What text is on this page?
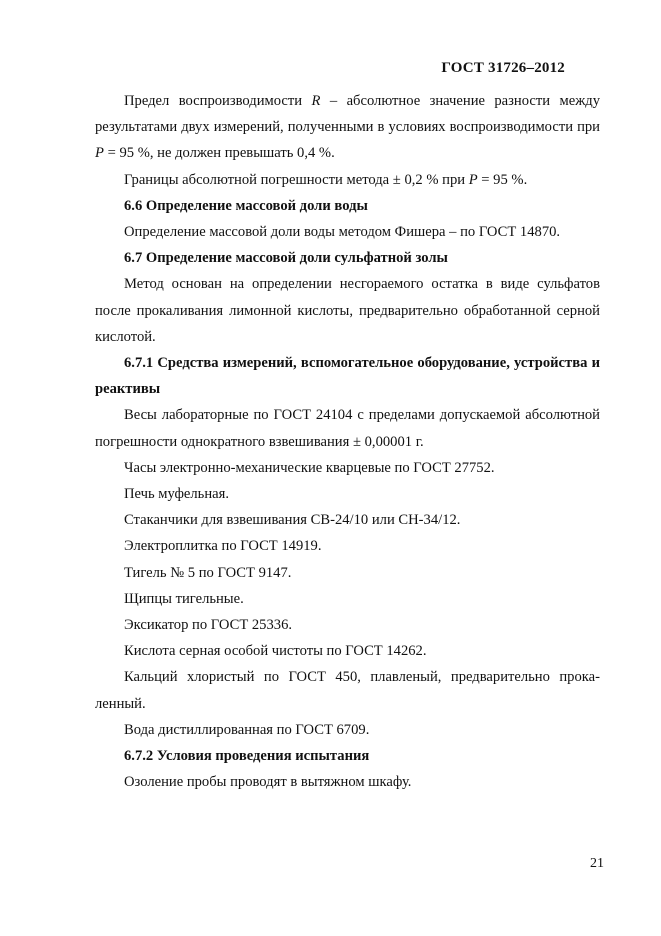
ГОСТ 31726–2012

Предел воспроизводимости R – абсолютное значение разности между результатами двух измерений, полученными в условиях воспроизводимости при P = 95 %, не должен превышать 0,4 %.

Границы абсолютной погрешности метода ± 0,2 % при P = 95 %.

6.6 Определение массовой доли воды

Определение массовой доли воды методом Фишера – по ГОСТ 14870.

6.7 Определение массовой доли сульфатной золы

Метод основан на определении несгораемого остатка в виде сульфатов после прокаливания лимонной кислоты, предварительно обработанной серной кислотой.

6.7.1 Средства измерений, вспомогательное оборудование, устройства и реактивы

Весы лабораторные по ГОСТ 24104 с пределами допускаемой абсолютной погрешности однократного взвешивания ± 0,00001 г.

Часы электронно-механические кварцевые по ГОСТ 27752.

Печь муфельная.

Стаканчики для взвешивания СВ-24/10 или СН-34/12.

Электроплитка по ГОСТ 14919.

Тигель № 5 по ГОСТ 9147.

Щипцы тигельные.

Эксикатор по ГОСТ 25336.

Кислота серная особой чистоты по ГОСТ 14262.

Кальций хлористый по ГОСТ 450, плавленый, предварительно прокаленный.

Вода дистиллированная по ГОСТ 6709.

6.7.2 Условия проведения испытания

Озоление пробы проводят в вытяжном шкафу.

21
